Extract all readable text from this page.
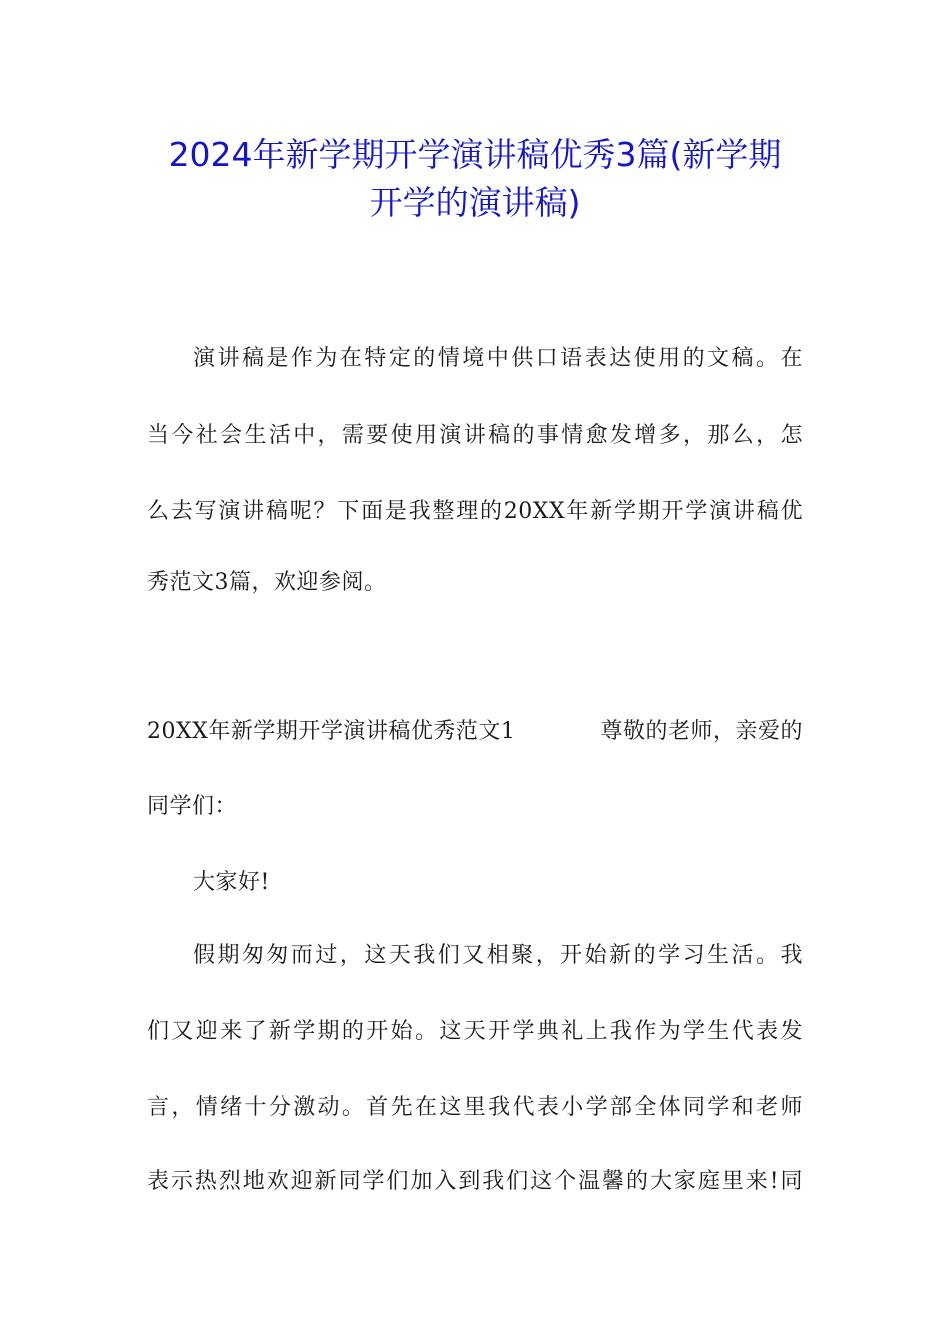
2024年新学期开学演讲稿优秀3篇(新学期
开学的演讲稿)
演讲稿是作为在特定的情境中供口语表达使用的文稿。在
当今社会生活中，需要使用演讲稿的事情愈发增多，那么，怎
么去写演讲稿呢？下面是我整理的20XX年新学期开学演讲稿优
秀范文3篇，欢迎参阅。
20XX年新学期开学演讲稿优秀范文1	尊敬的老师，亲爱的
同学们：
大家好!
假期匆匆而过，这天我们又相聚，开始新的学习生活。我
们又迎来了新学期的开始。这天开学典礼上我作为学生代表发
言，情绪十分激动。首先在这里我代表小学部全体同学和老师
表示热烈地欢迎新同学们加入到我们这个温馨的大家庭里来!同
